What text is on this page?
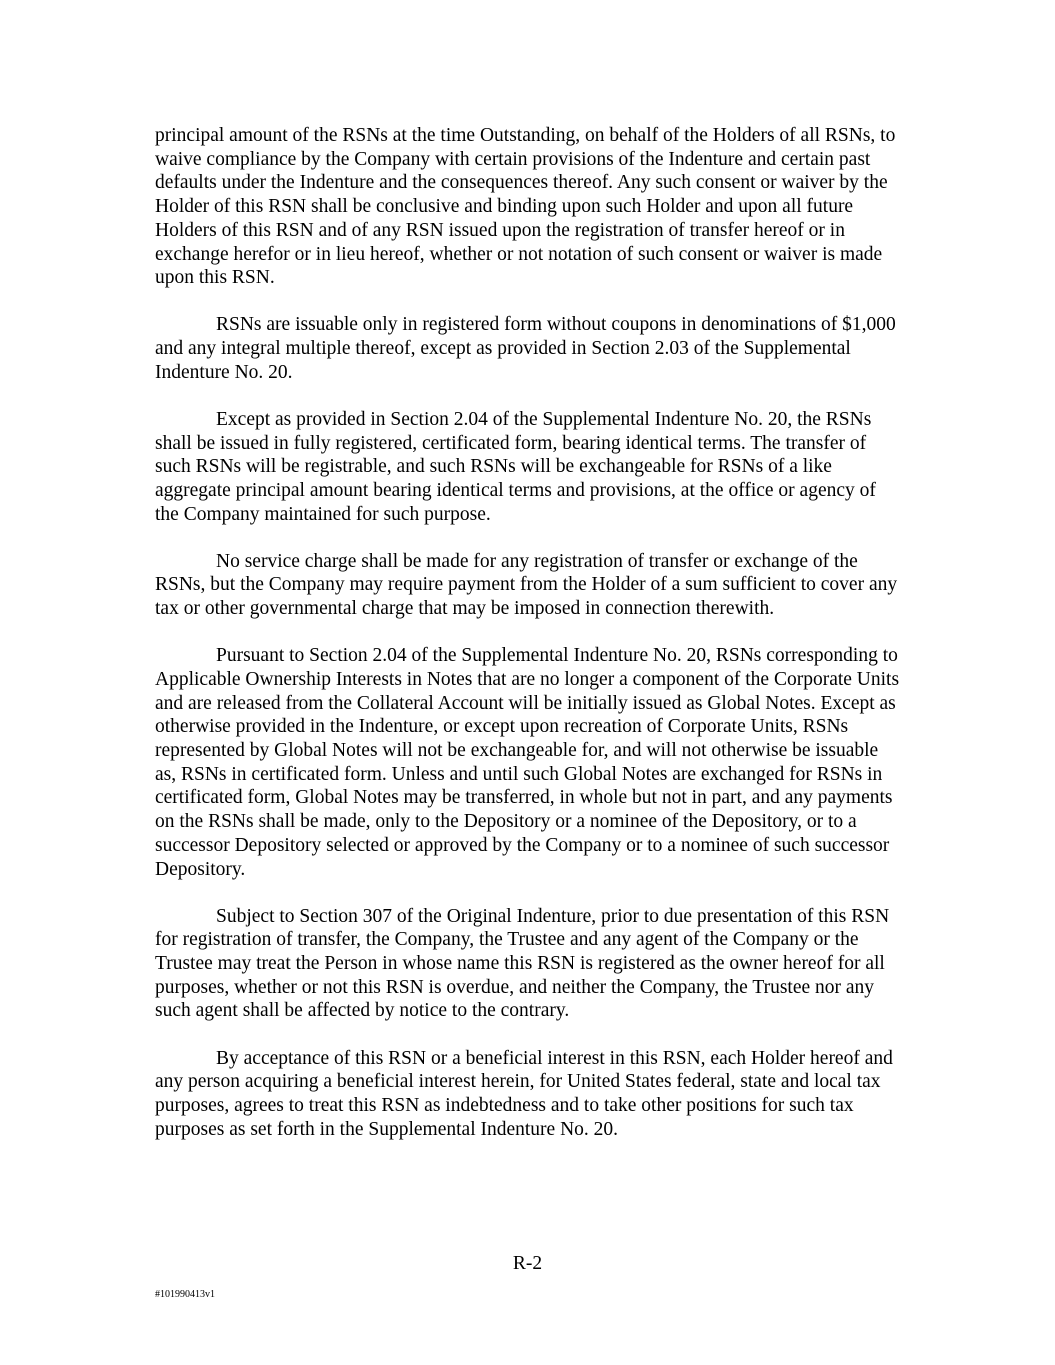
principal amount of the RSNs at the time Outstanding, on behalf of the Holders of all RSNs, to waive compliance by the Company with certain provisions of the Indenture and certain past defaults under the Indenture and the consequences thereof. Any such consent or waiver by the Holder of this RSN shall be conclusive and binding upon such Holder and upon all future Holders of this RSN and of any RSN issued upon the registration of transfer hereof or in exchange herefor or in lieu hereof, whether or not notation of such consent or waiver is made upon this RSN.

RSNs are issuable only in registered form without coupons in denominations of $1,000 and any integral multiple thereof, except as provided in Section 2.03 of the Supplemental Indenture No. 20.

Except as provided in Section 2.04 of the Supplemental Indenture No. 20, the RSNs shall be issued in fully registered, certificated form, bearing identical terms. The transfer of such RSNs will be registrable, and such RSNs will be exchangeable for RSNs of a like aggregate principal amount bearing identical terms and provisions, at the office or agency of the Company maintained for such purpose.

No service charge shall be made for any registration of transfer or exchange of the RSNs, but the Company may require payment from the Holder of a sum sufficient to cover any tax or other governmental charge that may be imposed in connection therewith.

Pursuant to Section 2.04 of the Supplemental Indenture No. 20, RSNs corresponding to Applicable Ownership Interests in Notes that are no longer a component of the Corporate Units and are released from the Collateral Account will be initially issued as Global Notes. Except as otherwise provided in the Indenture, or except upon recreation of Corporate Units, RSNs represented by Global Notes will not be exchangeable for, and will not otherwise be issuable as, RSNs in certificated form. Unless and until such Global Notes are exchanged for RSNs in certificated form, Global Notes may be transferred, in whole but not in part, and any payments on the RSNs shall be made, only to the Depository or a nominee of the Depository, or to a successor Depository selected or approved by the Company or to a nominee of such successor Depository.

Subject to Section 307 of the Original Indenture, prior to due presentation of this RSN for registration of transfer, the Company, the Trustee and any agent of the Company or the Trustee may treat the Person in whose name this RSN is registered as the owner hereof for all purposes, whether or not this RSN is overdue, and neither the Company, the Trustee nor any such agent shall be affected by notice to the contrary.

By acceptance of this RSN or a beneficial interest in this RSN, each Holder hereof and any person acquiring a beneficial interest herein, for United States federal, state and local tax purposes, agrees to treat this RSN as indebtedness and to take other positions for such tax purposes as set forth in the Supplemental Indenture No. 20.

R-2
#101990413v1
